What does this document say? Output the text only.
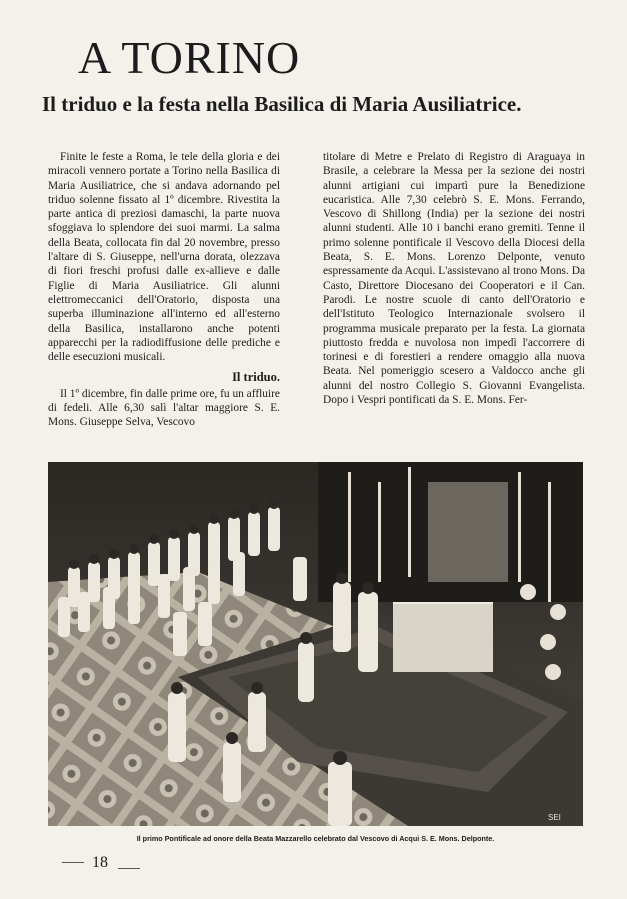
A TORINO
Il triduo e la festa nella Basilica di Maria Ausiliatrice.

Finite le feste a Roma, le tele della gloria e dei miracoli vennero portate a Torino nella Basilica di Maria Ausiliatrice, che si andava adornando pel triduo solenne fissato al 1º dicembre. Rivestita la parte antica di preziosi damaschi, la parte nuova sfoggiava lo splendore dei suoi marmi. La salma della Beata, collocata fin dal 20 novembre, presso l'altare di S. Giuseppe, nell'urna dorata, olezzava di fiori freschi profusi dalle ex-allieve e dalle Figlie di Maria Ausiliatrice. Gli alunni elettromeccanici dell'Oratorio, disposta una superba illuminazione all'interno ed all'esterno della Basilica, installarono anche potenti apparecchi per la radiodiffusione delle prediche e delle esecuzioni musicali.

Il triduo.

Il 1º dicembre, fin dalle prime ore, fu un affluire di fedeli. Alle 6,30 salì l'altar maggiore S. E. Mons. Giuseppe Selva, Vescovo

titolare di Metre e Prelato di Registro di Araguaya in Brasile, a celebrare la Messa per la sezione dei nostri alunni artigiani cui impartì pure la Benedizione eucaristica. Alle 7,30 celebrò S. E. Mons. Ferrando, Vescovo di Shillong (India) per la sezione dei nostri alunni studenti. Alle 10 i banchi erano gremiti. Tenne il primo solenne pontificale il Vescovo della Diocesi della Beata, S. E. Mons. Lorenzo Delponte, venuto espressamente da Acqui. L'assistevano al trono Mons. Da Casto, Direttore Diocesano dei Cooperatori e il Can. Parodi. Le nostre scuole di canto dell'Oratorio e dell'Istituto Teologico Internazionale svolsero il programma musicale preparato per la festa. La giornata piuttosto fredda e nuvolosa non impedì l'accorrere di torinesi e di forestieri a rendere omaggio alla nuova Beata. Nel pomeriggio scesero a Valdocco anche gli alunni del nostro Collegio S. Giovanni Evangelista. Dopo i Vespri pontificati da S. E. Mons. Fer-

SEI
Il primo Pontificale ad onore della Beata Mazzarello celebrato dal Vescovo di Acqui S. E. Mons. Delponte.
18
